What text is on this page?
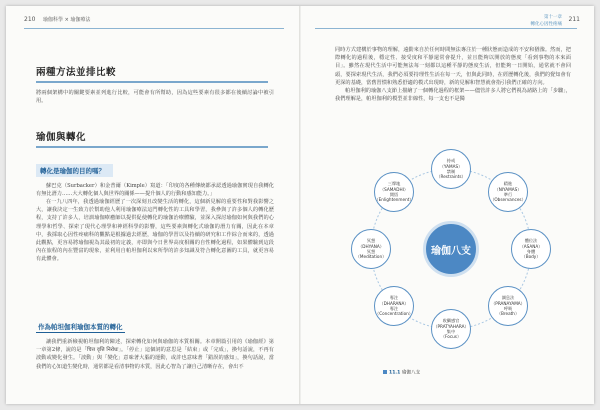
210 瑜伽科學 × 瑜伽療法
兩種方法並排比較

將兩個架構中的關鍵要素並列進行比較，可能會有所幫助，因為這些要素有很多都在後續討論中被引用。

瑜伽與轉化
轉化是瑜伽的目的嗎？

蘇巴克（Surbacker）和金普爾（Kimple）寫道：「印度的各種傳統都承認透過瑜伽實現自我轉化有無比潛力……大大轉化個人與世界的關係——提升個人的行動和感知能力。」

在一九八四年，我透過瑜伽經歷了一次深刻且改變生活的轉化，這個新見解的重要性和對我影響之大，讓我決定一生致力於幫助他人利用瑜伽療法這門轉化性的工具和學習，我參與了許多個人的轉化歷程，支持了許多人，培訓瑜伽療癒師以提供促使轉化的瑜伽治療體驗，並深入探討瑜伽如何與我們的心理學和哲學、探索了現代心理學和神經科學的影響，這些要素與轉化式瑜伽的潛力有關，因此在本章中，我採取心因性疼痛科的觀點是根據過去經歷，瑜伽的學習以及持續的研究和工作綜合而來的，透過此觀點，更容易將瑜伽視為其最初的定義，亦即與今日世界高度相關的自性轉化過程，如果體驗到這段內在旅程的內在豐富的現象，並利用自帕坦伽利以來所學的許多知識及符合轉化意圖的工具，就更容易有此體會。

作為帕坦伽利瑜伽本質的轉化

讓我們重新檢視帕坦伽利的陳述，探索轉化如何與瑜伽的本質相關。本章開篇引用的《瑜伽經》第一章第2條，說的是「चित्त वृत्ति निरोधः」。「停止」這個詞的意思是「結束」或「完成」，換句話說，不再有波動或變化發生。「波動」與「變化」意味著大腦的運動，或許也意味著「錯誤的感知」，換句話說，當我們的心知道生變化時，通常都是看清事物的本質，因此心智為了讓自己清晰存在，會出不

第十一章
轉化心因性疼痛
211

同時方式建構於事物的理解，遠勤來自於任何時間無法專注於一種狀態而造成的不安和猶豫。然而，把際轉化的過程後，穩定性、接受度和平靜還常會提升，並且能夠以開放的態度「看到事物的本來面目」。雖然在現代生活中可能無法每一刻都以這種平靜的態度生活，但能夠一日開始，通常就不會回頭，要探索現代生活，我們必須要持理性生活在每一天，但與此同時，在經歷轉化後，我們的覺知會有更深的基礎，當舊習慣和熟悉舒適的模式出現時，新的見解和智慧就會指引我們正確的方向。

帕坦伽利的瑜伽八支節上描繪了一個轉化過程的框架——儘管許多人將它們視為諸路上的「步驟」，我們理解是，帕坦伽利的模型並非線性，每一支也不是獨

瑜伽八支
持戒
（YAMAS）
禁制
（Restraints）
精進
（NIYAMAS）
準行
（Observances）
體位法
（ASANA）
身體
（Body）
調息法
（PRANAYAMA）
呼吸
（Breath）
收攝感官
（PRATYAHARA）
集中
（Focus）
專注
（DHARANA）
專注
（Concentration）
冥想
（DHYANA）
冥想
（Meditation）
三摩地
（SAMADHI）
開悟
（Enlightenment）
11.1 瑜伽八支
